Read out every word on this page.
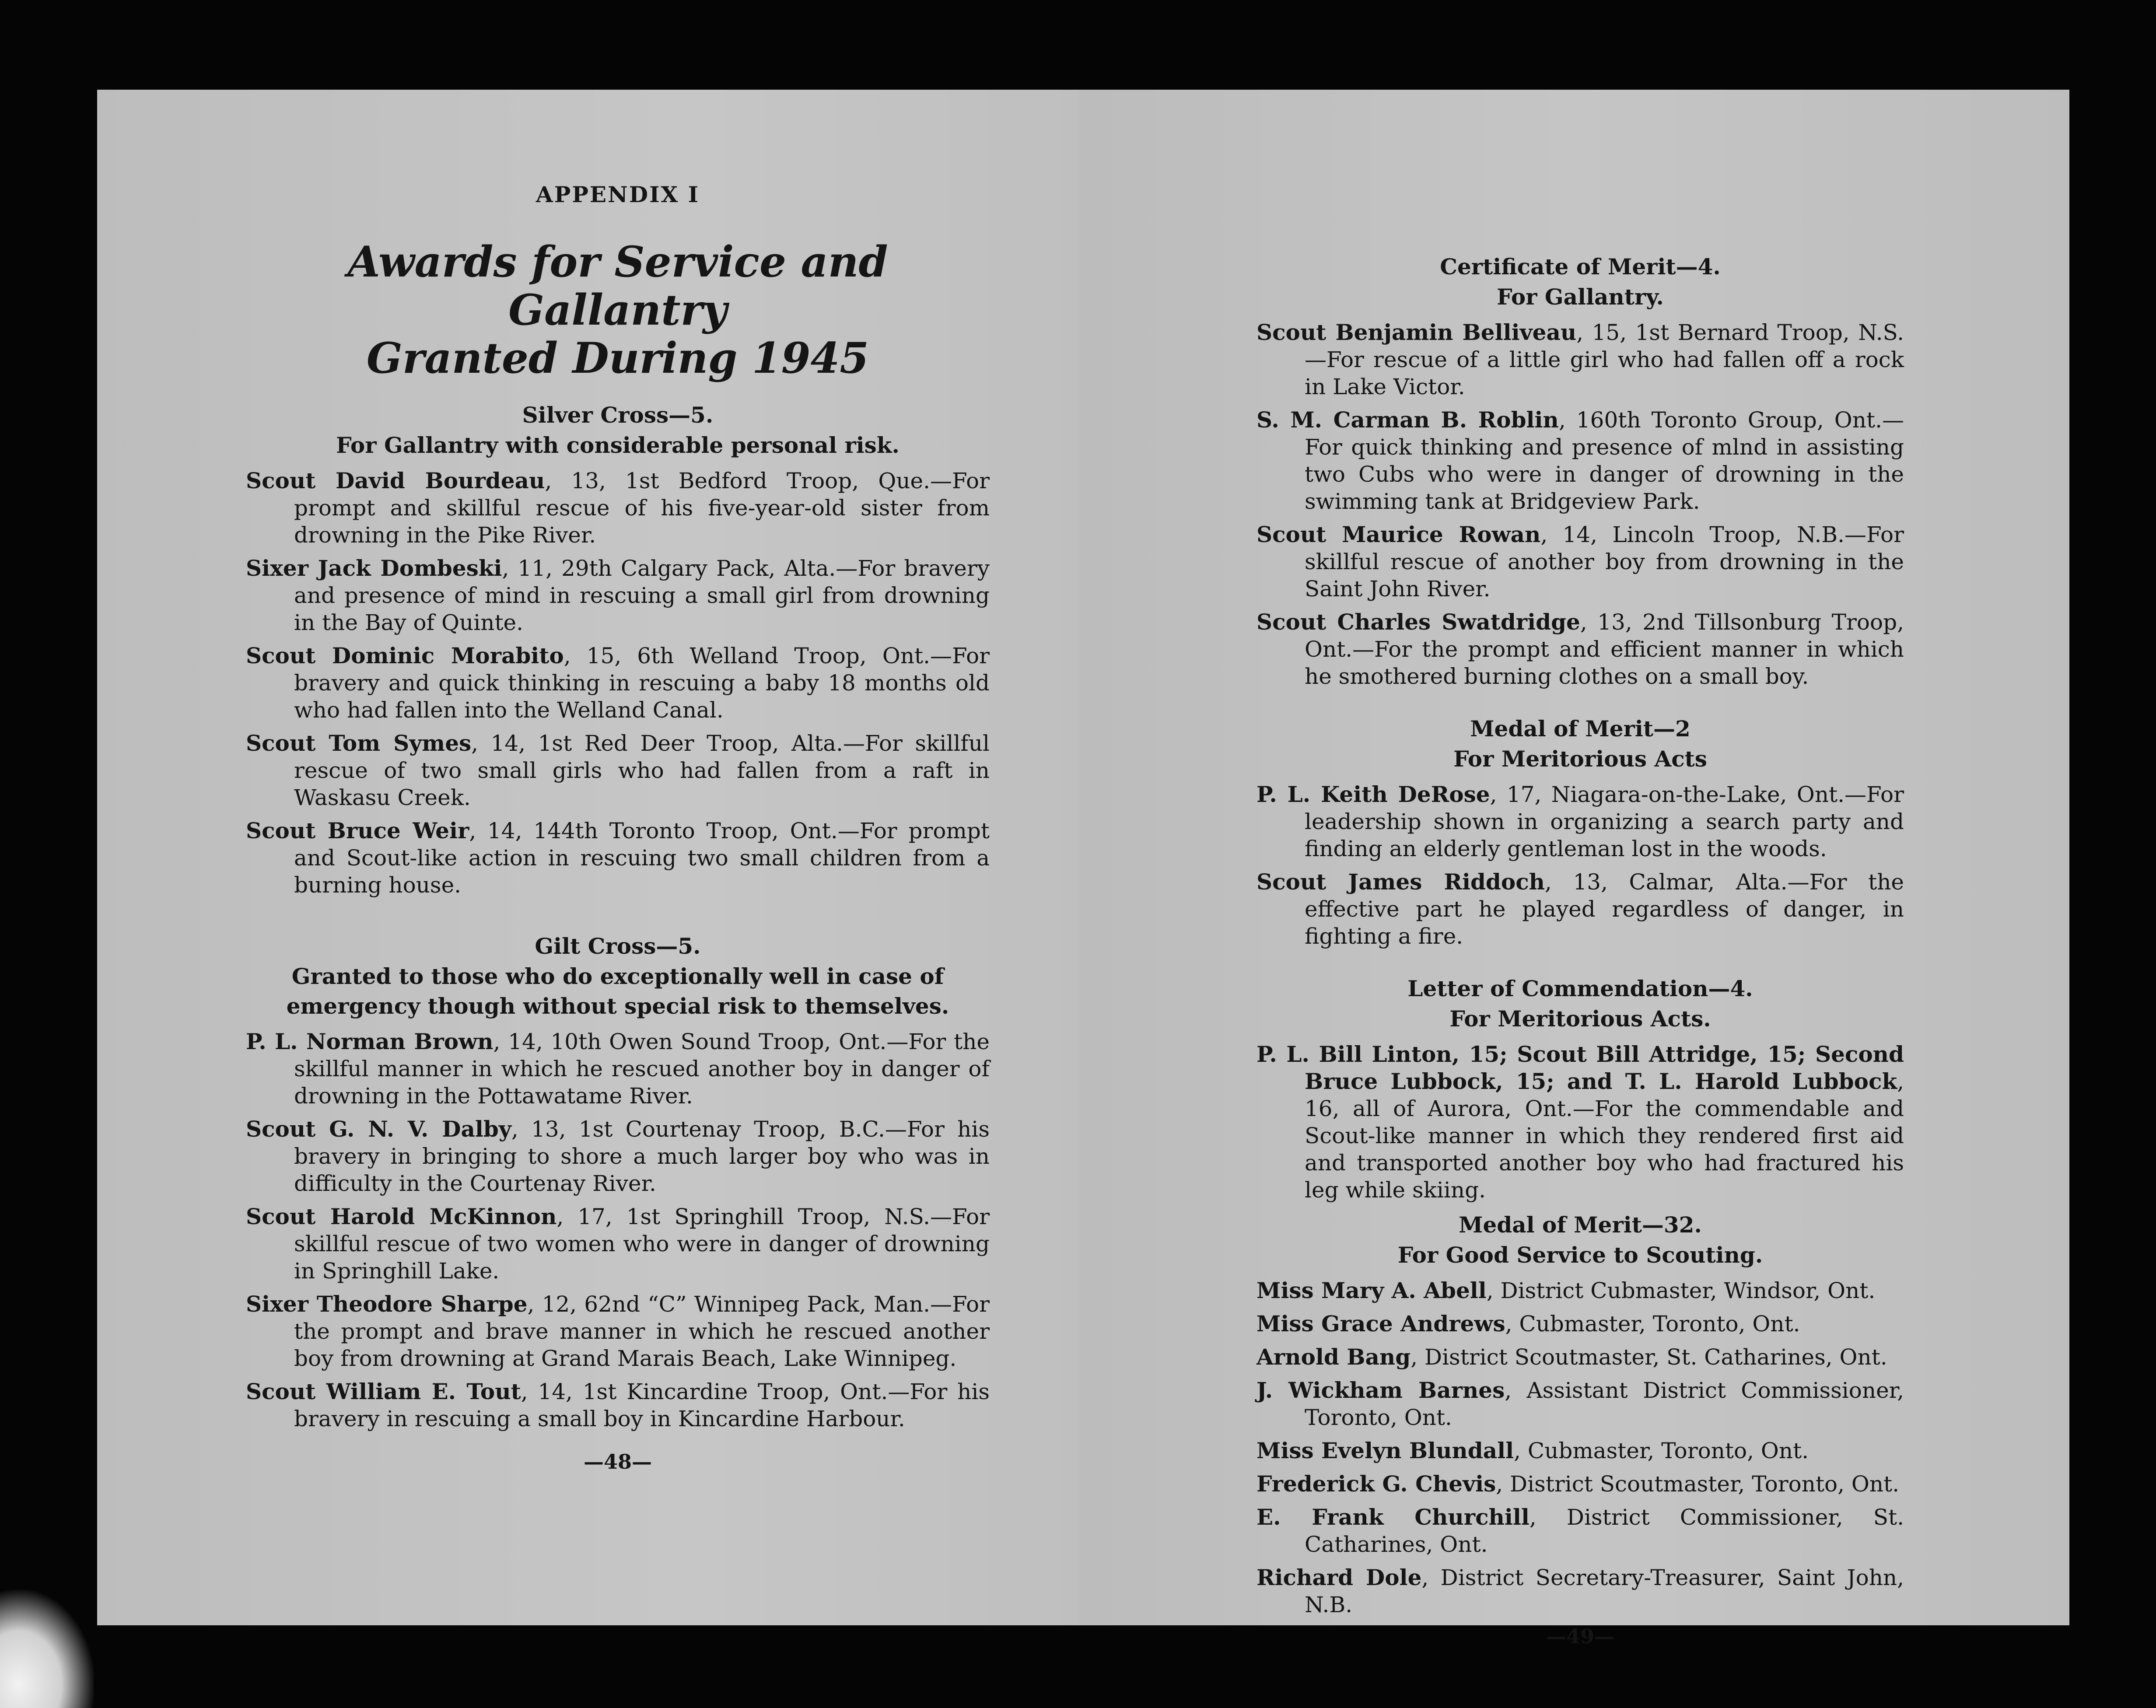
APPENDIX I
Awards for Service and Gallantry
Granted During 1945
Silver Cross—5.
For Gallantry with considerable personal risk.
Scout David Bourdeau, 13, 1st Bedford Troop, Que.—For prompt and skillful rescue of his five-year-old sister from drowning in the Pike River.
Sixer Jack Dombeski, 11, 29th Calgary Pack, Alta.—For bravery and presence of mind in rescuing a small girl from drowning in the Bay of Quinte.
Scout Dominic Morabito, 15, 6th Welland Troop, Ont.—For bravery and quick thinking in rescuing a baby 18 months old who had fallen into the Welland Canal.
Scout Tom Symes, 14, 1st Red Deer Troop, Alta.—For skillful rescue of two small girls who had fallen from a raft in Waskasu Creek.
Scout Bruce Weir, 14, 144th Toronto Troop, Ont.—For prompt and Scout-like action in rescuing two small children from a burning house.
Gilt Cross—5.
Granted to those who do exceptionally well in case of emergency though without special risk to themselves.
P. L. Norman Brown, 14, 10th Owen Sound Troop, Ont.—For the skillful manner in which he rescued another boy in danger of drowning in the Pottawatame River.
Scout G. N. V. Dalby, 13, 1st Courtenay Troop, B.C.—For his bravery in bringing to shore a much larger boy who was in difficulty in the Courtenay River.
Scout Harold McKinnon, 17, 1st Springhill Troop, N.S.—For skillful rescue of two women who were in danger of drowning in Springhill Lake.
Sixer Theodore Sharpe, 12, 62nd “C” Winnipeg Pack, Man.—For the prompt and brave manner in which he rescued another boy from drowning at Grand Marais Beach, Lake Winnipeg.
Scout William E. Tout, 14, 1st Kincardine Troop, Ont.—For his bravery in rescuing a small boy in Kincardine Harbour.
—48—
Certificate of Merit—4.
For Gallantry.
Scout Benjamin Belliveau, 15, 1st Bernard Troop, N.S.—For rescue of a little girl who had fallen off a rock in Lake Victor.
S. M. Carman B. Roblin, 160th Toronto Group, Ont.—For quick thinking and presence of mlnd in assisting two Cubs who were in danger of drowning in the swimming tank at Bridgeview Park.
Scout Maurice Rowan, 14, Lincoln Troop, N.B.—For skillful rescue of another boy from drowning in the Saint John River.
Scout Charles Swatdridge, 13, 2nd Tillsonburg Troop, Ont.—For the prompt and efficient manner in which he smothered burning clothes on a small boy.
Medal of Merit—2
For Meritorious Acts
P. L. Keith DeRose, 17, Niagara-on-the-Lake, Ont.—For leadership shown in organizing a search party and finding an elderly gentleman lost in the woods.
Scout James Riddoch, 13, Calmar, Alta.—For the effective part he played regardless of danger, in fighting a fire.
Letter of Commendation—4.
For Meritorious Acts.
P. L. Bill Linton, 15; Scout Bill Attridge, 15; Second Bruce Lubbock, 15; and T. L. Harold Lubbock, 16, all of Aurora, Ont.—For the commendable and Scout-like manner in which they rendered first aid and transported another boy who had fractured his leg while skiing.
Medal of Merit—32.
For Good Service to Scouting.
Miss Mary A. Abell, District Cubmaster, Windsor, Ont.
Miss Grace Andrews, Cubmaster, Toronto, Ont.
Arnold Bang, District Scoutmaster, St. Catharines, Ont.
J. Wickham Barnes, Assistant District Commissioner, Toronto, Ont.
Miss Evelyn Blundall, Cubmaster, Toronto, Ont.
Frederick G. Chevis, District Scoutmaster, Toronto, Ont.
E. Frank Churchill, District Commissioner, St. Catharines, Ont.
Richard Dole, District Secretary-Treasurer, Saint John, N.B.
—49—
